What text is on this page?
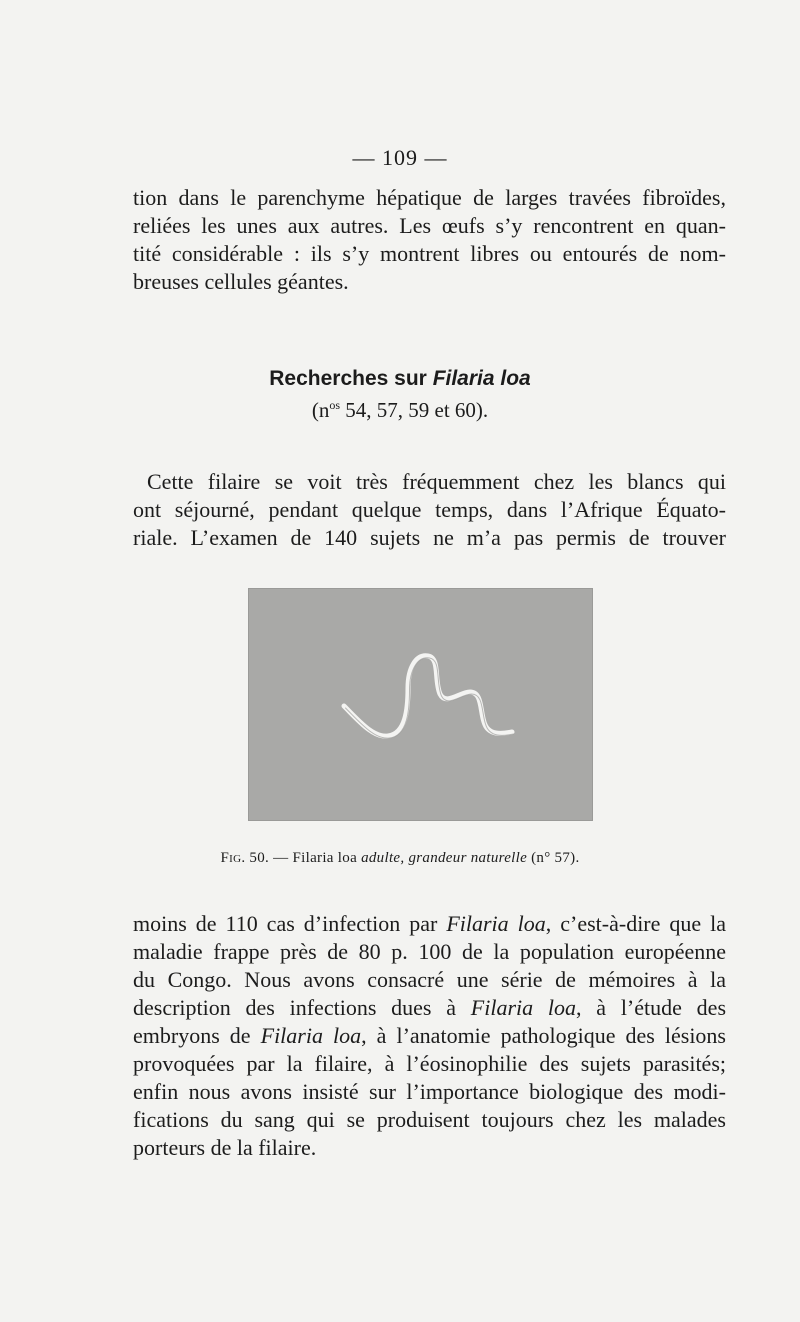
— 109 —

tion dans le parenchyme hépatique de larges travées fibroïdes,
reliées les unes aux autres. Les œufs s’y rencontrent en quan-
tité considérable : ils s’y montrent libres ou entourés de nom-
breuses cellules géantes.

Recherches sur Filaria loa
($n^{os}$ 54, 57, 59 et 60).

Cette filaire se voit très fréquemment chez les blancs qui
ont séjourné, pendant quelque temps, dans l’Afrique Équato-
riale. L’examen de 140 sujets ne m’a pas permis de trouver

Fig. 50. — Filaria loa adulte, grandeur naturelle (n° 57).

moins de 110 cas d’infection par Filaria loa, c’est-à-dire que la
maladie frappe près de 80 p. 100 de la population européenne
du Congo. Nous avons consacré une série de mémoires à la
description des infections dues à Filaria loa, à l’étude des
embryons de Filaria loa, à l’anatomie pathologique des lésions
provoquées par la filaire, à l’éosinophilie des sujets parasités;
enfin nous avons insisté sur l’importance biologique des modi-
fications du sang qui se produisent toujours chez les malades
porteurs de la filaire.
